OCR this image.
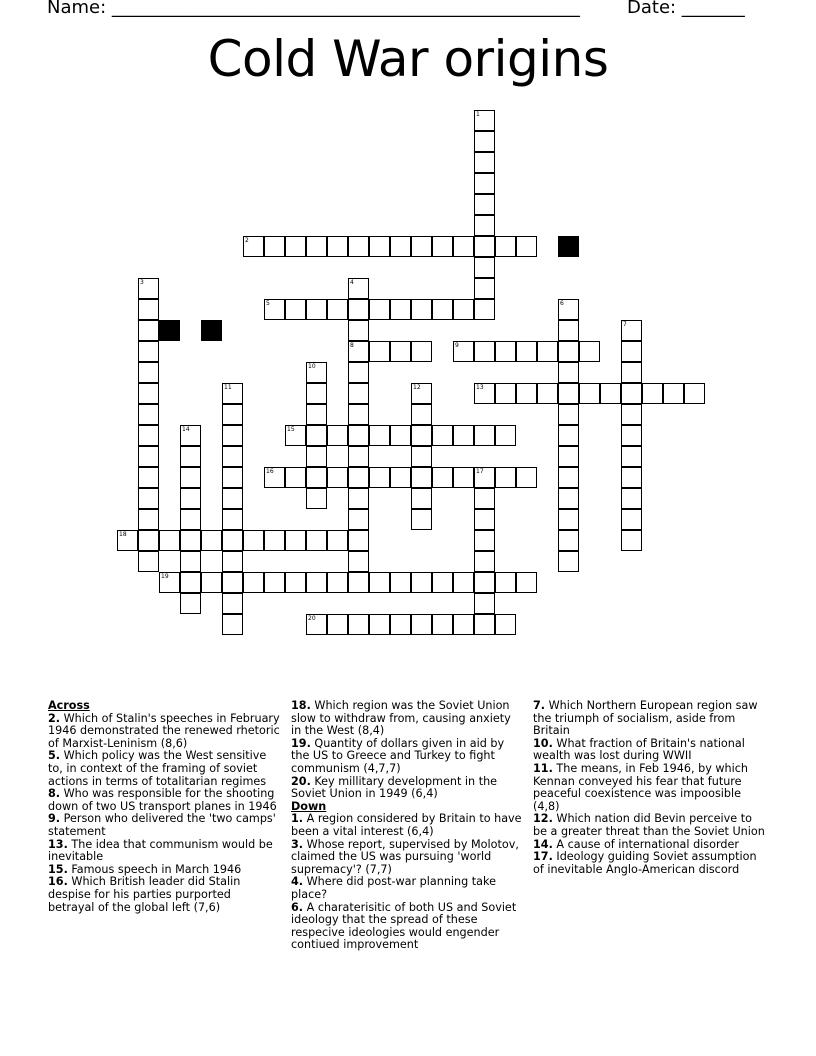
Name: ____________________________________________________	Date: _______
Cold War origins
1
2
3	4
8
5	6
7
9
10
11	12	13
14	15
16	17
18
19
20
Across
2. Which of Stalin's speeches in February 1946 demonstrated the renewed rhetoric of Marxist-Leninism (8,6)
5. Which policy was the West sensitive to, in context of the framing of soviet actions in terms of totalitarian regimes
8. Who was responsible for the shooting down of two US transport planes in 1946
9. Person who delivered the 'two camps' statement
13. The idea that communism would be inevitable
15. Famous speech in March 1946
16. Which British leader did Stalin despise for his parties purported betrayal of the global left (7,6)
18. Which region was the Soviet Union slow to withdraw from, causing anxiety in the West (8,4)
19. Quantity of dollars given in aid by the US to Greece and Turkey to fight communism (4,7,7)
20. Key millitary development in the Soviet Union in 1949 (6,4)
Down
1. A region considered by Britain to have been a vital interest (6,4)
3. Whose report, supervised by Molotov, claimed the US was pursuing 'world supremacy'? (7,7)
4. Where did post-war planning take place?
6. A charaterisitic of both US and Soviet ideology that the spread of these respecive ideologies would engender contiued improvement
7. Which Northern European region saw the triumph of socialism, aside from Britain
10. What fraction of Britain's national wealth was lost during WWII
11. The means, in Feb 1946, by which Kennan conveyed his fear that future peaceful coexistence was impoosible (4,8)
12. Which nation did Bevin perceive to be a greater threat than the Soviet Union
14. A cause of international disorder
17. Ideology guiding Soviet assumption of inevitable Anglo-American discord
